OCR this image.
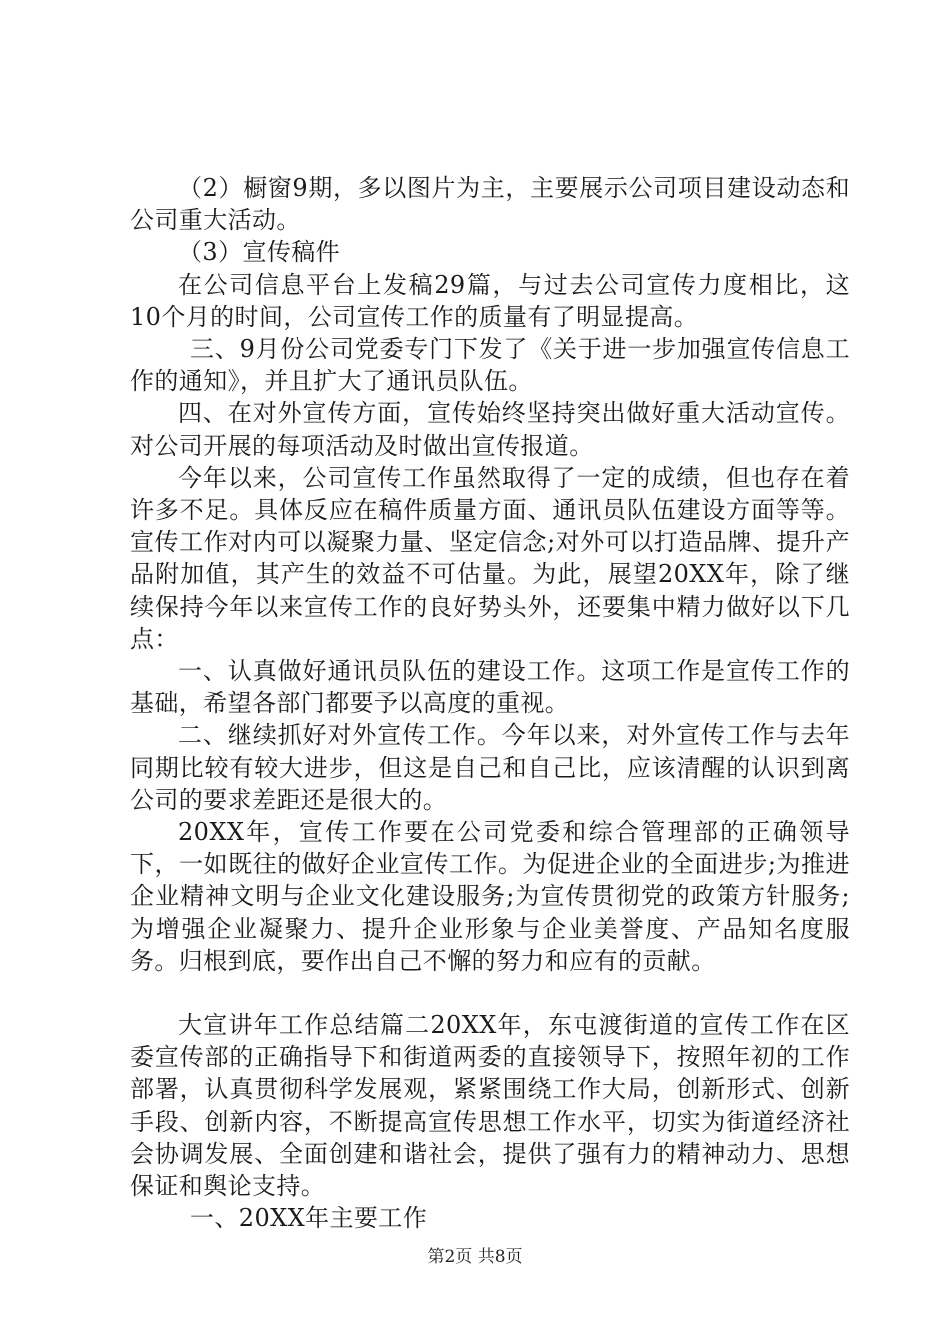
（2）橱窗9期，多以图片为主，主要展示公司项目建设动态和公司重大活动。

（3）宣传稿件

在公司信息平台上发稿29篇，与过去公司宣传力度相比，这10个月的时间，公司宣传工作的质量有了明显提高。

三、9月份公司党委专门下发了《关于进一步加强宣传信息工作的通知》，并且扩大了通讯员队伍。

四、在对外宣传方面，宣传始终坚持突出做好重大活动宣传。对公司开展的每项活动及时做出宣传报道。

今年以来，公司宣传工作虽然取得了一定的成绩，但也存在着许多不足。具体反应在稿件质量方面、通讯员队伍建设方面等等。宣传工作对内可以凝聚力量、坚定信念;对外可以打造品牌、提升产品附加值，其产生的效益不可估量。为此，展望20XX年，除了继续保持今年以来宣传工作的良好势头外，还要集中精力做好以下几点：

一、认真做好通讯员队伍的建设工作。这项工作是宣传工作的基础，希望各部门都要予以高度的重视。

二、继续抓好对外宣传工作。今年以来，对外宣传工作与去年同期比较有较大进步，但这是自己和自己比，应该清醒的认识到离公司的要求差距还是很大的。

20XX年，宣传工作要在公司党委和综合管理部的正确领导下，一如既往的做好企业宣传工作。为促进企业的全面进步;为推进企业精神文明与企业文化建设服务;为宣传贯彻党的政策方针服务;为增强企业凝聚力、提升企业形象与企业美誉度、产品知名度服务。归根到底，要作出自己不懈的努力和应有的贡献。

大宣讲年工作总结篇二20XX年，东屯渡街道的宣传工作在区委宣传部的正确指导下和街道两委的直接领导下，按照年初的工作部署，认真贯彻科学发展观，紧紧围绕工作大局，创新形式、创新手段、创新内容，不断提高宣传思想工作水平，切实为街道经济社会协调发展、全面创建和谐社会，提供了强有力的精神动力、思想保证和舆论支持。

一、20XX年主要工作

第2页 共8页
